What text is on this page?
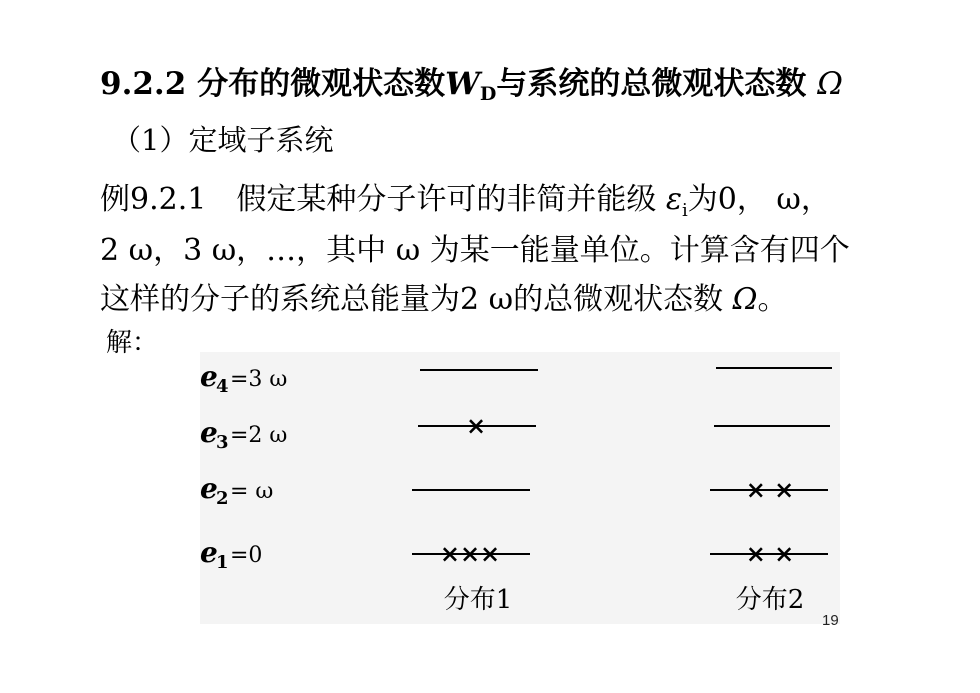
9.2.2 分布的微观状态数$W_D$与系统的总微观状态数 Ω
（1）定域子系统
例9.2.1　假定某种分子许可的非简并能级 $\varepsilon_i$为0， ω，
2 ω，3 ω，…，其中 ω 为某一能量单位。计算含有四个
这样的分子的系统总能量为2 ω的总微观状态数 Ω。
解：
e
4 =3 ω
e
3 =2 ω
e
2 = ω
e
1 =0
×
×××
× ×
× ×
分布1	分布2
19
